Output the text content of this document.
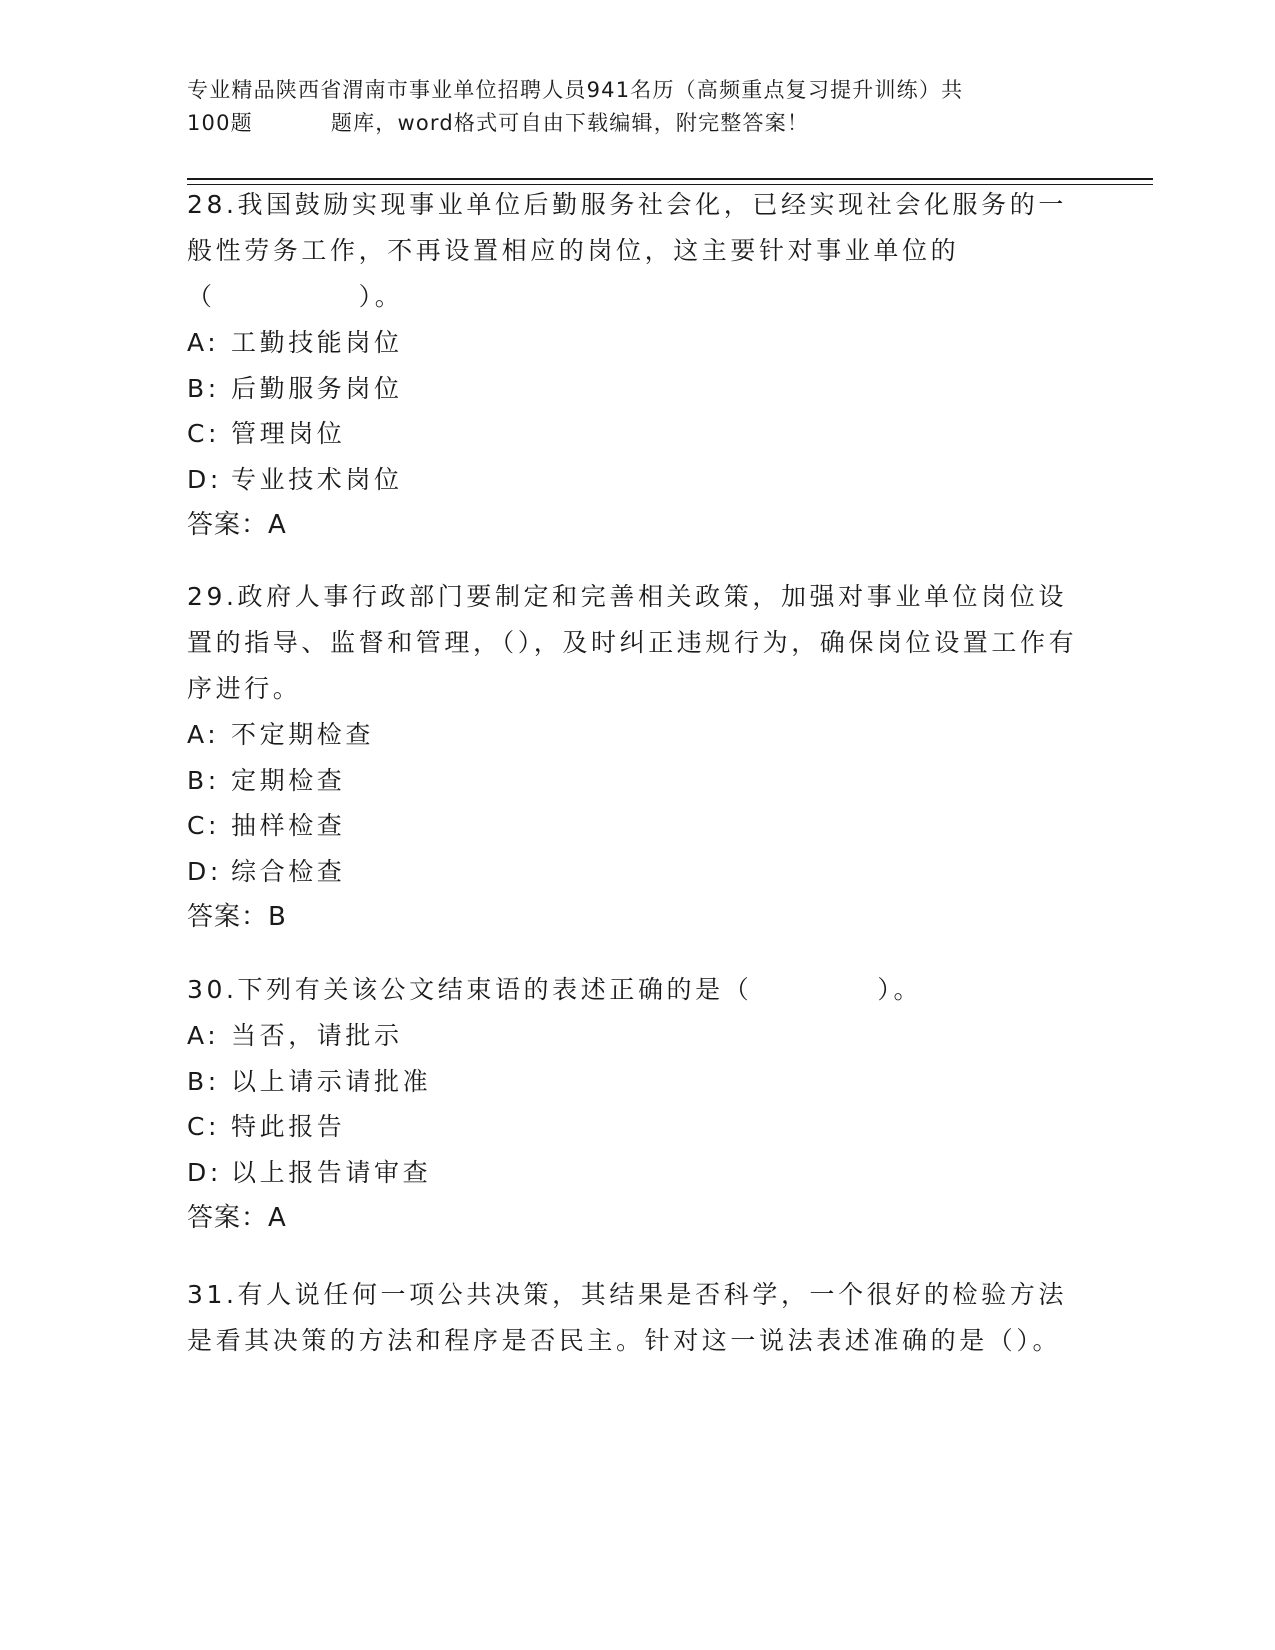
专业精品陕西省渭南市事业单位招聘人员941名历（高频重点复习提升训练）共
100题	题库，word格式可自由下载编辑，附完整答案！
28.我国鼓励实现事业单位后勤服务社会化，已经实现社会化服务的一般性劳务工作，不再设置相应的岗位，这主要针对事业单位的（　　　　　）。
A: 工勤技能岗位
B: 后勤服务岗位
C: 管理岗位
D: 专业技术岗位
答案：A
29.政府人事行政部门要制定和完善相关政策，加强对事业单位岗位设置的指导、监督和管理，（），及时纠正违规行为，确保岗位设置工作有序进行。
A: 不定期检查
B: 定期检查
C: 抽样检查
D: 综合检查
答案：B
30.下列有关该公文结束语的表述正确的是（	）。
A: 当否，请批示
B: 以上请示请批准
C: 特此报告
D: 以上报告请审查
答案：A
31.有人说任何一项公共决策，其结果是否科学，一个很好的检验方法是看其决策的方法和程序是否民主。针对这一说法表述准确的是（）。
